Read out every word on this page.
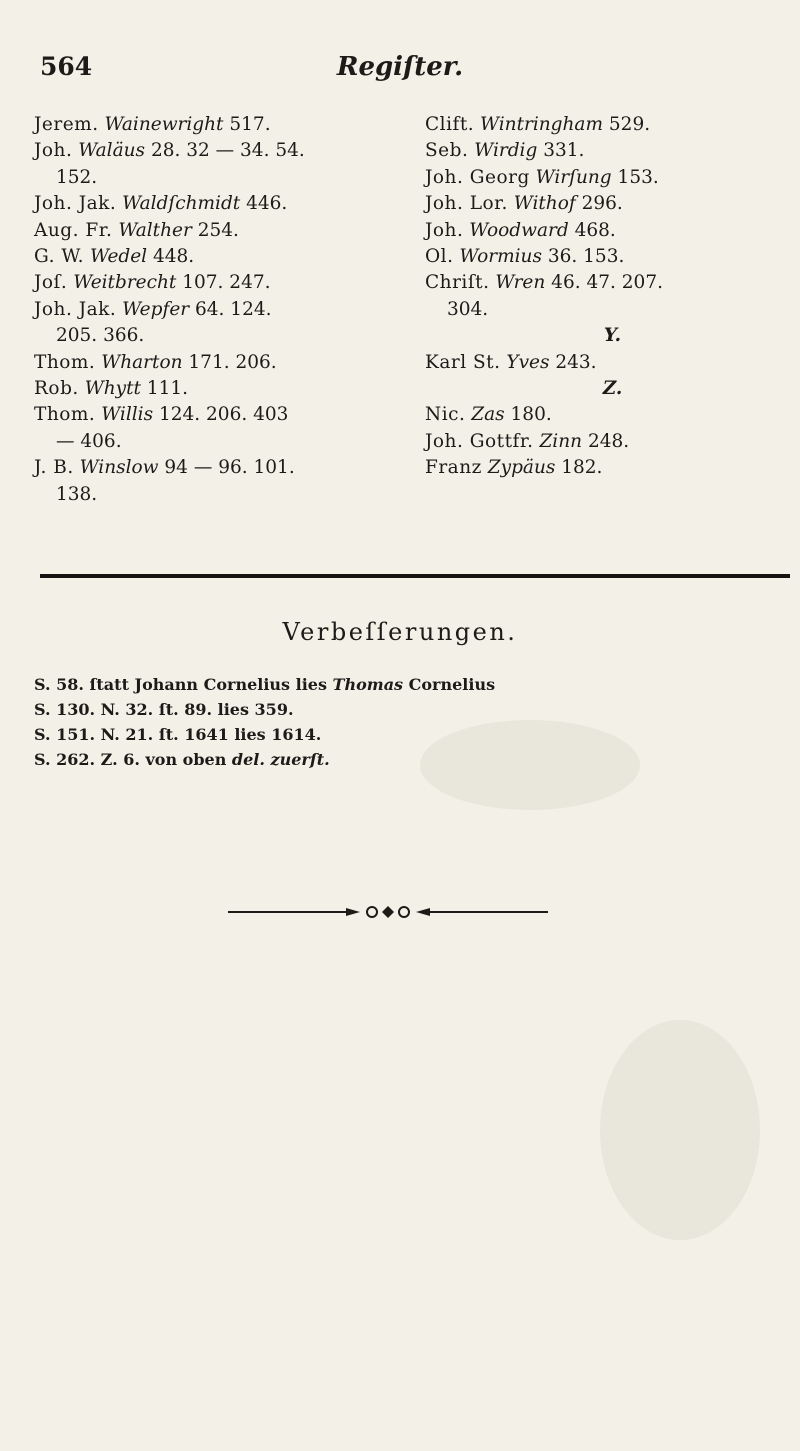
564	Regiſter.
Jerem. Wainewright 517.
Joh. Waläus 28. 32 — 34. 54.
152.
Joh. Jak. Waldſchmidt 446.
Aug. Fr. Walther 254.
G. W. Wedel 448.
Joſ. Weitbrecht 107. 247.
Joh. Jak. Wepfer 64. 124.
205. 366.
Thom. Wharton 171. 206.
Rob. Whytt 111.
Thom. Willis 124. 206. 403
— 406.
J. B. Winslow 94 — 96. 101.
138.
Clift. Wintringham 529.
Seb. Wirdig 331.
Joh. Georg Wirſung 153.
Joh. Lor. Withof 296.
Joh. Woodward 468.
Ol. Wormius 36. 153.
Chriſt. Wren 46. 47. 207.
304.
Y.
Karl St. Yves 243.
Z.
Nic. Zas 180.
Joh. Gottfr. Zinn 248.
Franz Zypäus 182.
Verbeſſerungen.
S. 58. ſtatt Johann Cornelius lies Thomas Cornelius
S. 130. N. 32. ſt. 89. lies 359.
S. 151. N. 21. ſt. 1641 lies 1614.
S. 262. Z. 6. von oben del. zuerſt.
